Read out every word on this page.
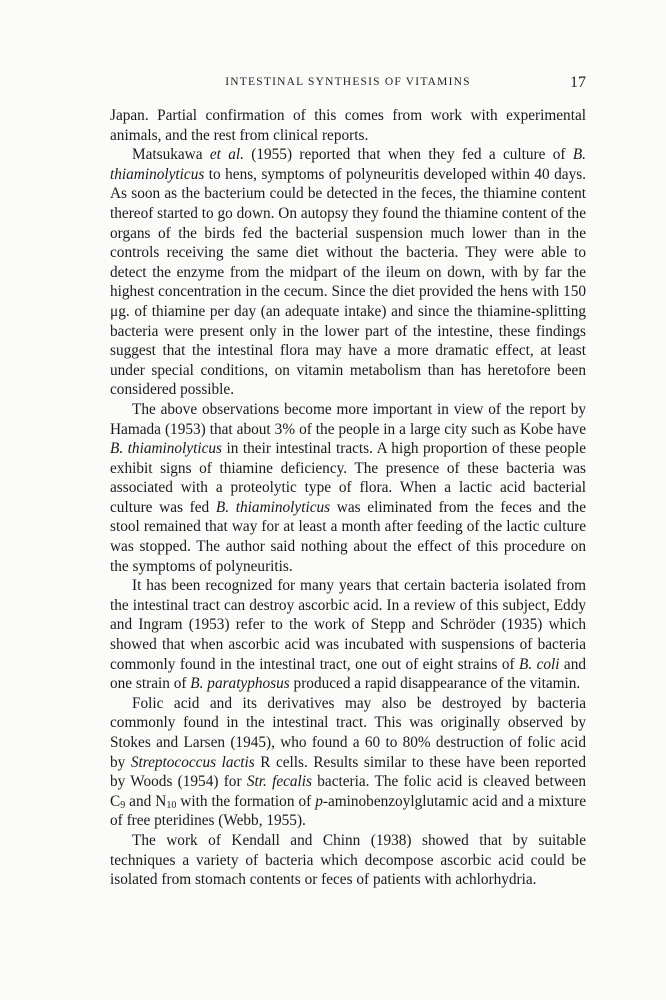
INTESTINAL SYNTHESIS OF VITAMINS	17

Japan. Partial confirmation of this comes from work with experimental animals, and the rest from clinical reports.

Matsukawa et al. (1955) reported that when they fed a culture of B. thiaminolyticus to hens, symptoms of polyneuritis developed within 40 days. As soon as the bacterium could be detected in the feces, the thiamine content thereof started to go down. On autopsy they found the thiamine content of the organs of the birds fed the bacterial suspension much lower than in the controls receiving the same diet without the bacteria. They were able to detect the enzyme from the midpart of the ileum on down, with by far the highest concentration in the cecum. Since the diet provided the hens with 150 μg. of thiamine per day (an adequate intake) and since the thiamine-splitting bacteria were present only in the lower part of the intestine, these findings suggest that the intestinal flora may have a more dramatic effect, at least under special conditions, on vitamin metabolism than has heretofore been considered possible.

The above observations become more important in view of the report by Hamada (1953) that about 3% of the people in a large city such as Kobe have B. thiaminolyticus in their intestinal tracts. A high proportion of these people exhibit signs of thiamine deficiency. The presence of these bacteria was associated with a proteolytic type of flora. When a lactic acid bacterial culture was fed B. thiaminolyticus was eliminated from the feces and the stool remained that way for at least a month after feeding of the lactic culture was stopped. The author said nothing about the effect of this procedure on the symptoms of polyneuritis.

It has been recognized for many years that certain bacteria isolated from the intestinal tract can destroy ascorbic acid. In a review of this subject, Eddy and Ingram (1953) refer to the work of Stepp and Schröder (1935) which showed that when ascorbic acid was incubated with suspensions of bacteria commonly found in the intestinal tract, one out of eight strains of B. coli and one strain of B. paratyphosus produced a rapid disappearance of the vitamin.

Folic acid and its derivatives may also be destroyed by bacteria commonly found in the intestinal tract. This was originally observed by Stokes and Larsen (1945), who found a 60 to 80% destruction of folic acid by Streptococcus lactis R cells. Results similar to these have been reported by Woods (1954) for Str. fecalis bacteria. The folic acid is cleaved between $C_9$ and $N_{10}$ with the formation of p-aminobenzoylglutamic acid and a mixture of free pteridines (Webb, 1955).

The work of Kendall and Chinn (1938) showed that by suitable techniques a variety of bacteria which decompose ascorbic acid could be isolated from stomach contents or feces of patients with achlorhydria.
